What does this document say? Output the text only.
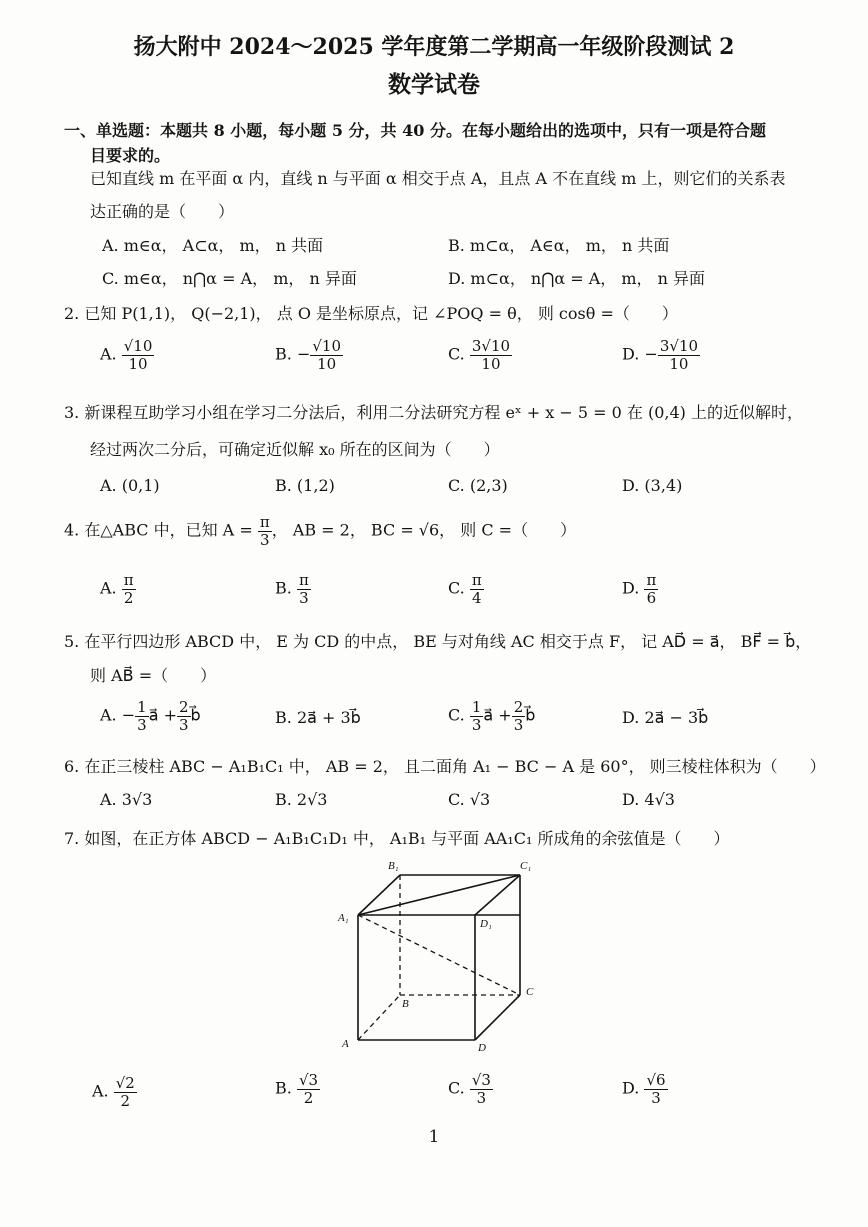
扬大附中 2024～2025 学年度第二学期高一年级阶段测试 2
数学试卷
一、单选题：本题共 8 小题，每小题 5 分，共 40 分。在每小题给出的选项中，只有一项是符合题
目要求的。
已知直线 m 在平面 α 内，直线 n 与平面 α 相交于点 A，且点 A 不在直线 m 上，则它们的关系表
达正确的是（　　）
A. m∈α， A⊂α， m， n 共面	B. m⊂α， A∈α， m， n 共面
C. m∈α， n⋂α = A， m， n 异面	D. m⊂α， n⋂α = A， m， n 异面
2. 已知 P(1,1)， Q(−2,1)， 点 O 是坐标原点，记 ∠POQ = θ， 则 cosθ =（　　）
A. $\frac{√10}{10}$	B. − $\frac{√10}{10}$	C. $\frac{3√10}{10}$	D. − $\frac{3√10}{10}$
3. 新课程互助学习小组在学习二分法后，利用二分法研究方程 eˣ + x − 5 = 0 在 (0,4) 上的近似解时，
经过两次二分后，可确定近似解 x₀ 所在的区间为（　　）
A. (0,1)	B. (1,2)	C. (2,3)	D. (3,4)
4. 在△ABC 中，已知 $A = \frac{\pi}{3}$ ， AB = 2， BC = √6， 则 C =（　　）
A. $\frac{\pi}{2}$	B. $\frac{\pi}{3}$	C. $\frac{\pi}{4}$	D. $\frac{\pi}{6}$
5. 在平行四边形 ABCD 中， E 为 CD 的中点， BE 与对角线 AC 相交于点 F， 记 AD⃗ = a⃗， BF⃗ = b⃗，
则 AB⃗ =（　　）
A. − $\frac{1}{3}$ a⃗ + $\frac{2}{3}$ b⃗	B. 2a⃗ + 3b⃗	C. $\frac{1}{3}$ a⃗ + $\frac{2}{3}$ b⃗	D. 2a⃗ − 3b⃗
6. 在正三棱柱 ABC − A₁B₁C₁ 中， AB = 2， 且二面角 A₁ − BC − A 是 60°， 则三棱柱体积为（　　）
A. 3√3	B. 2√3	C. √3	D. 4√3
7. 如图，在正方体 ABCD − A₁B₁C₁D₁ 中， A₁B₁ 与平面 AA₁C₁ 所成角的余弦值是（　　）
B₁	C₁
A₁	D₁
B
C
A	D
A. $\frac{√2}{2}$	B. $\frac{√3}{2}$	C. $\frac{√3}{3}$	D. $\frac{√6}{3}$
1
